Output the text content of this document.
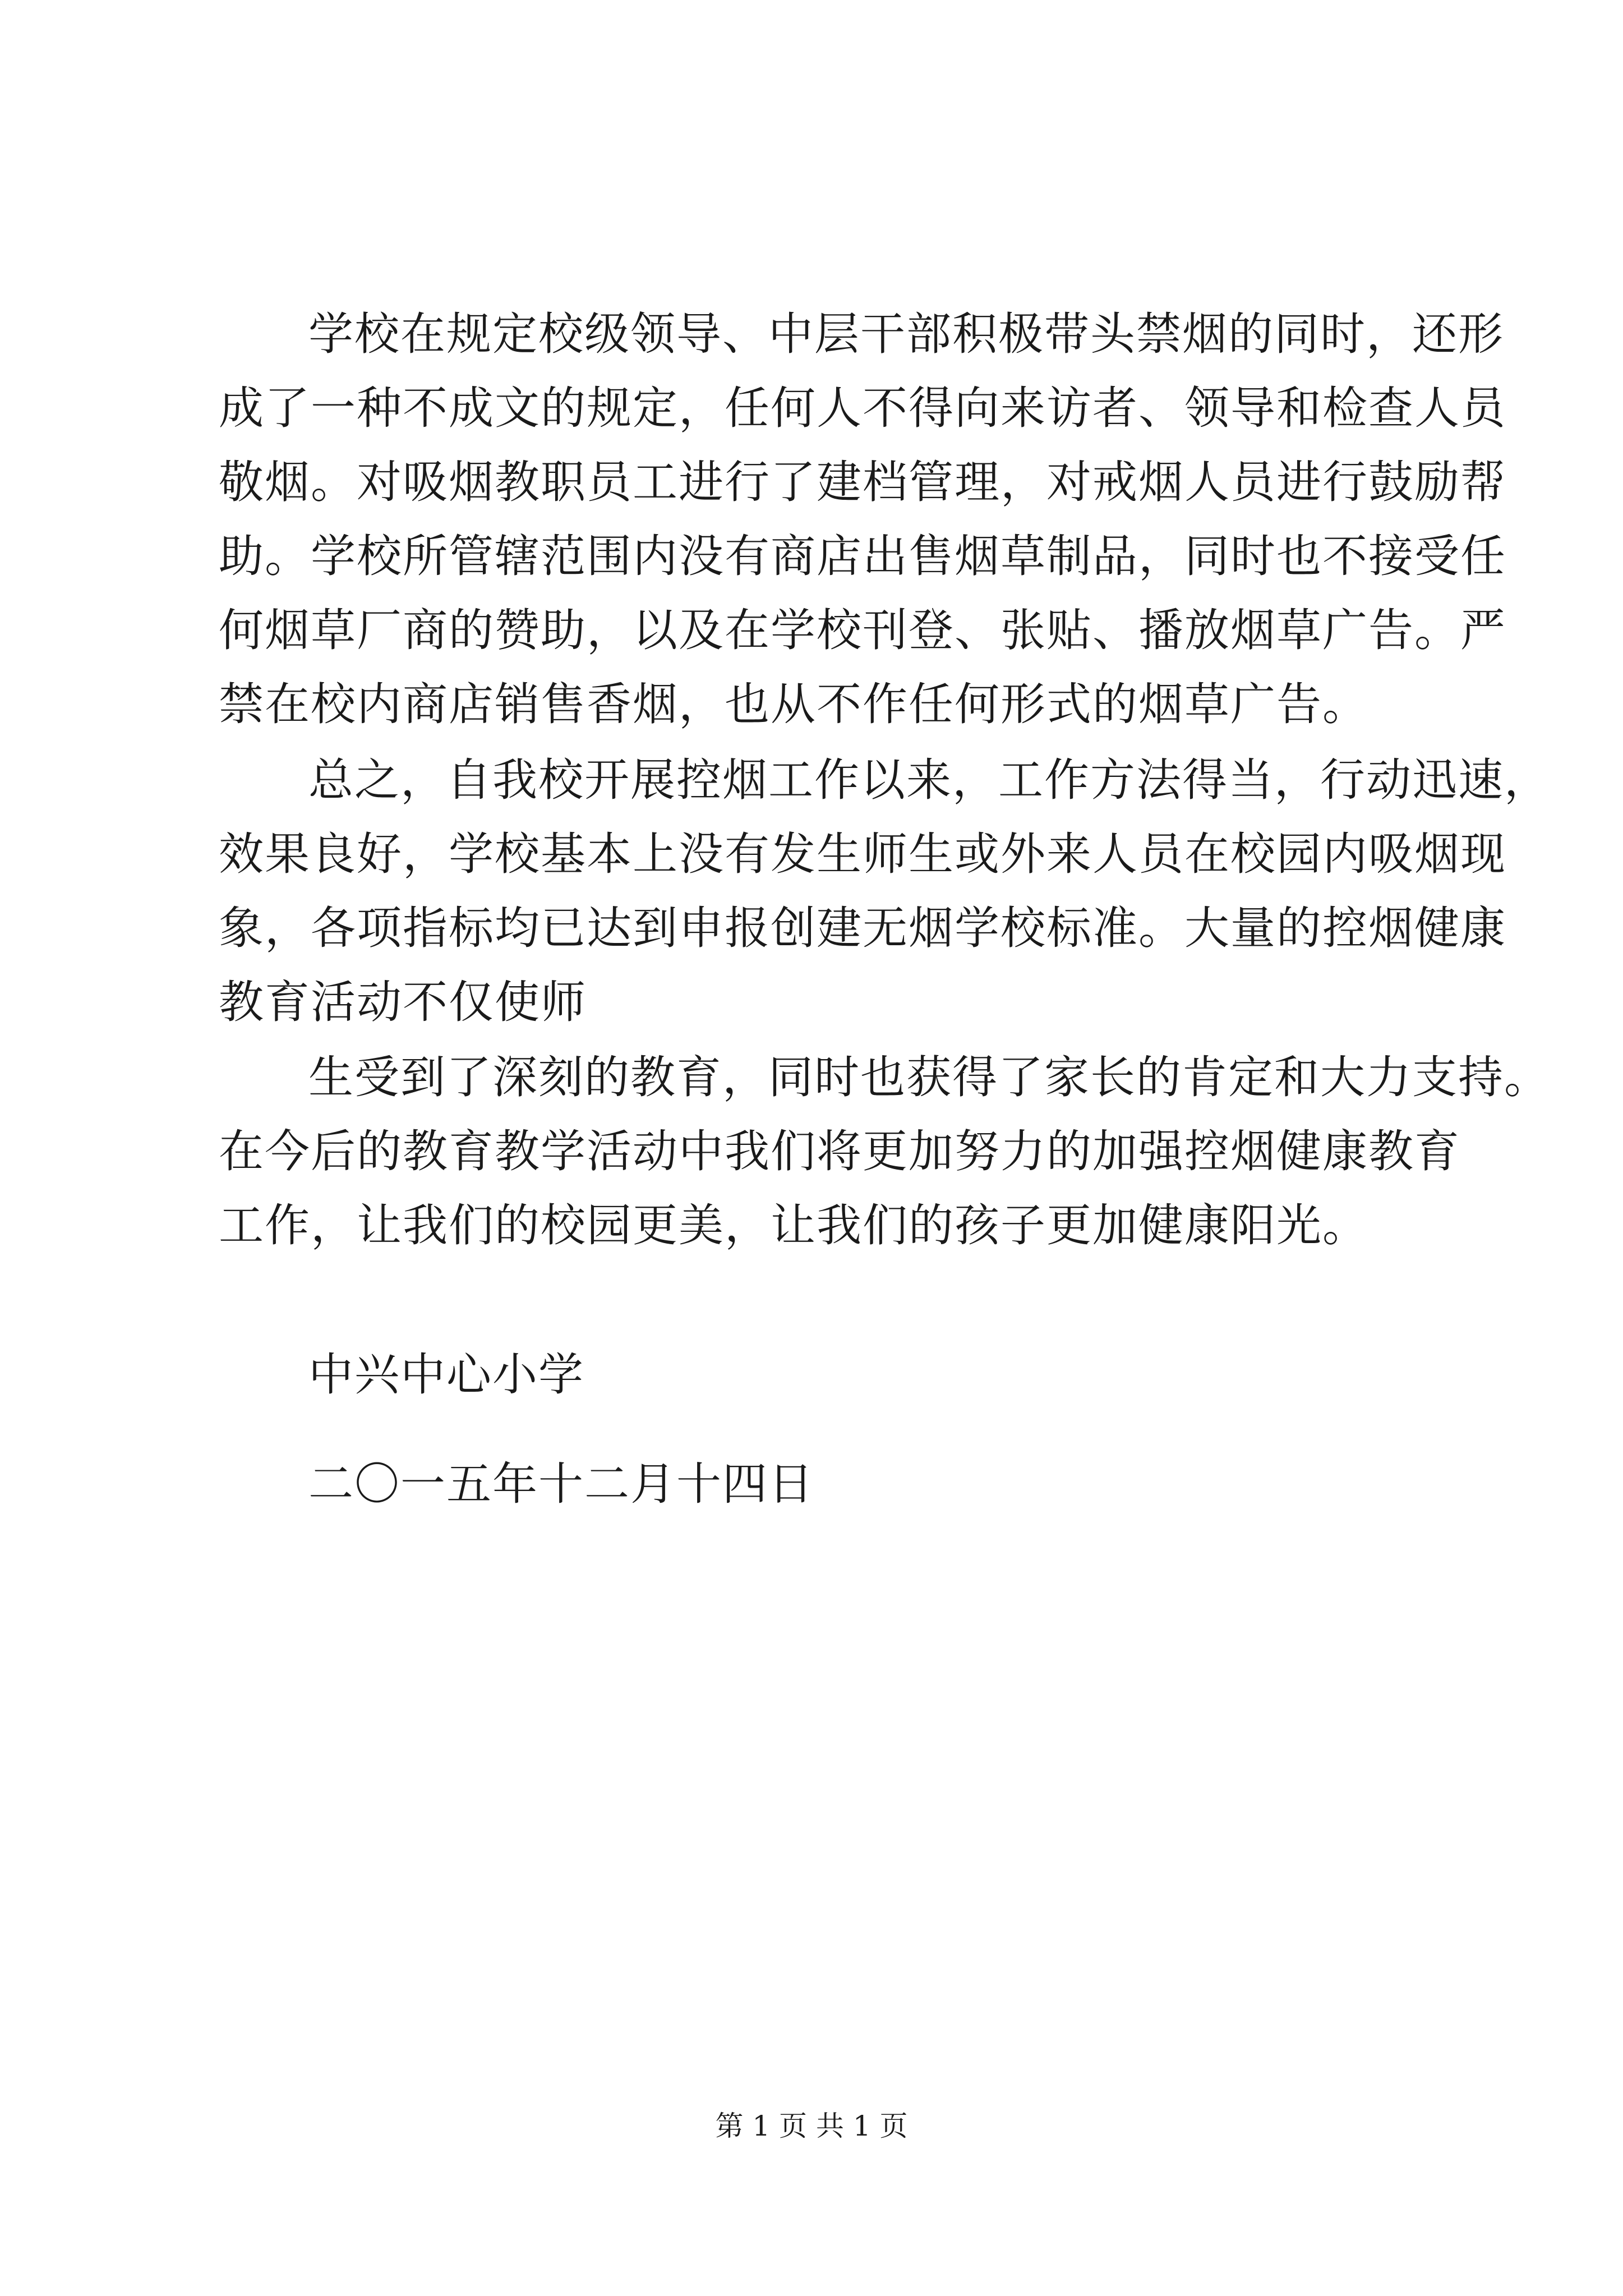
学校在规定校级领导、中层干部积极带头禁烟的同时，还形
成了一种不成文的规定，任何人不得向来访者、领导和检查人员
敬烟。对吸烟教职员工进行了建档管理，对戒烟人员进行鼓励帮
助。学校所管辖范围内没有商店出售烟草制品，同时也不接受任
何烟草厂商的赞助，以及在学校刊登、张贴、播放烟草广告。严
禁在校内商店销售香烟，也从不作任何形式的烟草广告。
总之，自我校开展控烟工作以来，工作方法得当，行动迅速，
效果良好，学校基本上没有发生师生或外来人员在校园内吸烟现
象，各项指标均已达到申报创建无烟学校标准。大量的控烟健康
教育活动不仅使师
生受到了深刻的教育，同时也获得了家长的肯定和大力支持。
在今后的教育教学活动中我们将更加努力的加强控烟健康教育
工作，让我们的校园更美，让我们的孩子更加健康阳光。

中兴中心小学

二〇一五年十二月十四日

第 1 页 共 1 页
